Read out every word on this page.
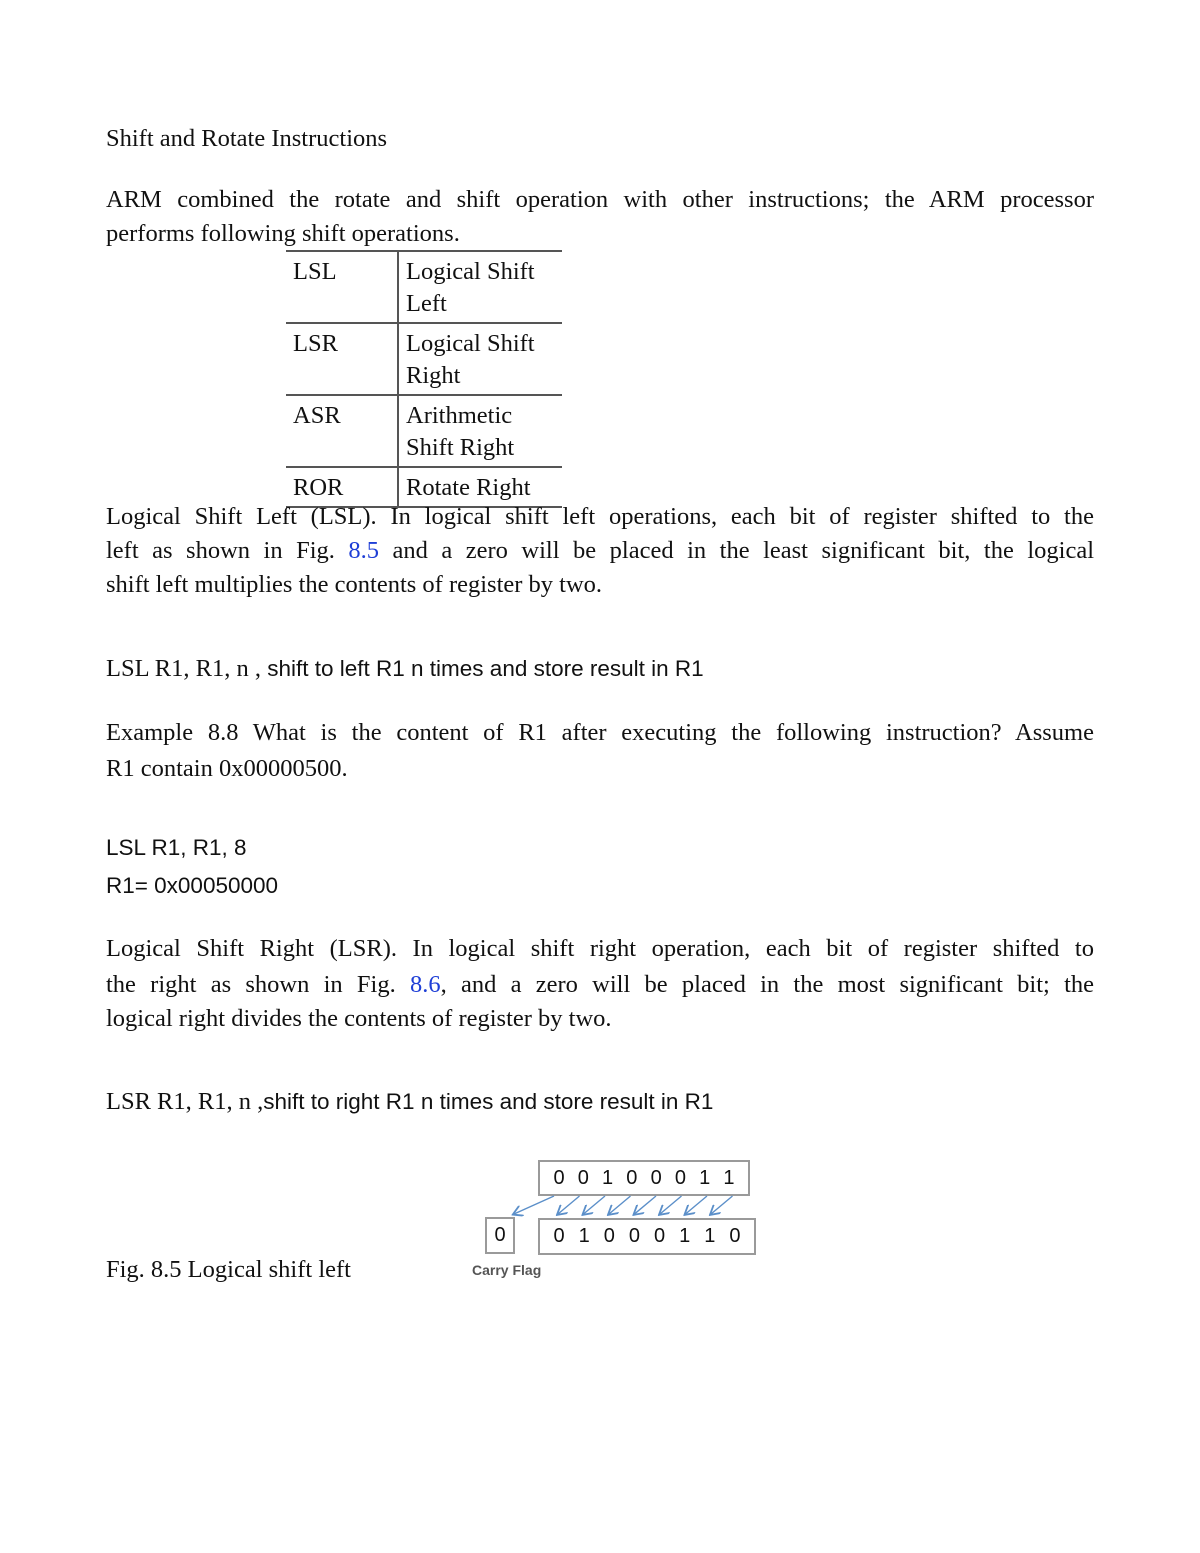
Shift and Rotate Instructions
ARM combined the rotate and shift operation with other instructions; the ARM processor
performs following shift operations.
LSL	Logical Shift
Left

LSR	Logical Shift
Right

ASR	Arithmetic
Shift Right

ROR	Rotate Right
Logical Shift Left (LSL). In logical shift left operations, each bit of register shifted to the
left as shown in Fig. 8.5 and a zero will be placed in the least significant bit, the logical
shift left multiplies the contents of register by two.
LSL R1, R1, n , shift to left R1 n times and store result in R1
Example 8.8 What is the content of R1 after executing the following instruction? Assume
R1 contain 0x00000500.
LSL R1, R1, 8
R1= 0x00050000
Logical Shift Right (LSR). In logical shift right operation, each bit of register shifted to
the right as shown in Fig. 8.6, and a zero will be placed in the most significant bit; the
logical right divides the contents of register by two.
LSR R1, R1, n ,shift to right R1 n times and store result in R1
0 0 1 0 0 0 1 1
0	0 1 0 0 0 1 1 0
Carry Flag
Fig. 8.5 Logical shift left
